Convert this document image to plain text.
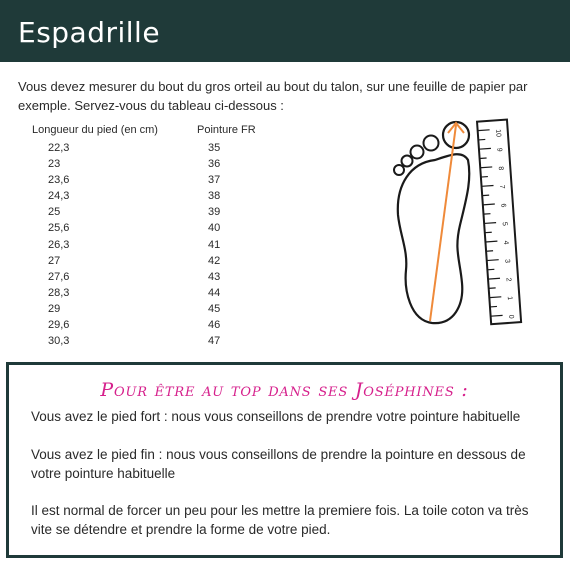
Espadrille
Vous devez mesurer du bout du gros orteil au bout du talon, sur une feuille de papier par exemple. Servez-vous du tableau ci-dessous :
Longueur du pied (en cm)	Pointure FR
22,3	35
23	36
23,6	37
24,3	38
25	39
25,6	40
26,3	41
27	42
27,6	43
28,3	44
29	45
29,6	46
30,3	47
10
9
8
7
6
5
4
3
2
1
0
Pour être au top dans ses Joséphines :
Vous avez le pied fort : nous vous conseillons de prendre votre pointure habituelle
Vous avez le pied fin : nous vous conseillons de prendre la pointure en dessous de votre pointure habituelle
Il est normal de forcer un peu pour les mettre la premiere fois. La toile coton va très vite se détendre et prendre la forme de votre pied.
